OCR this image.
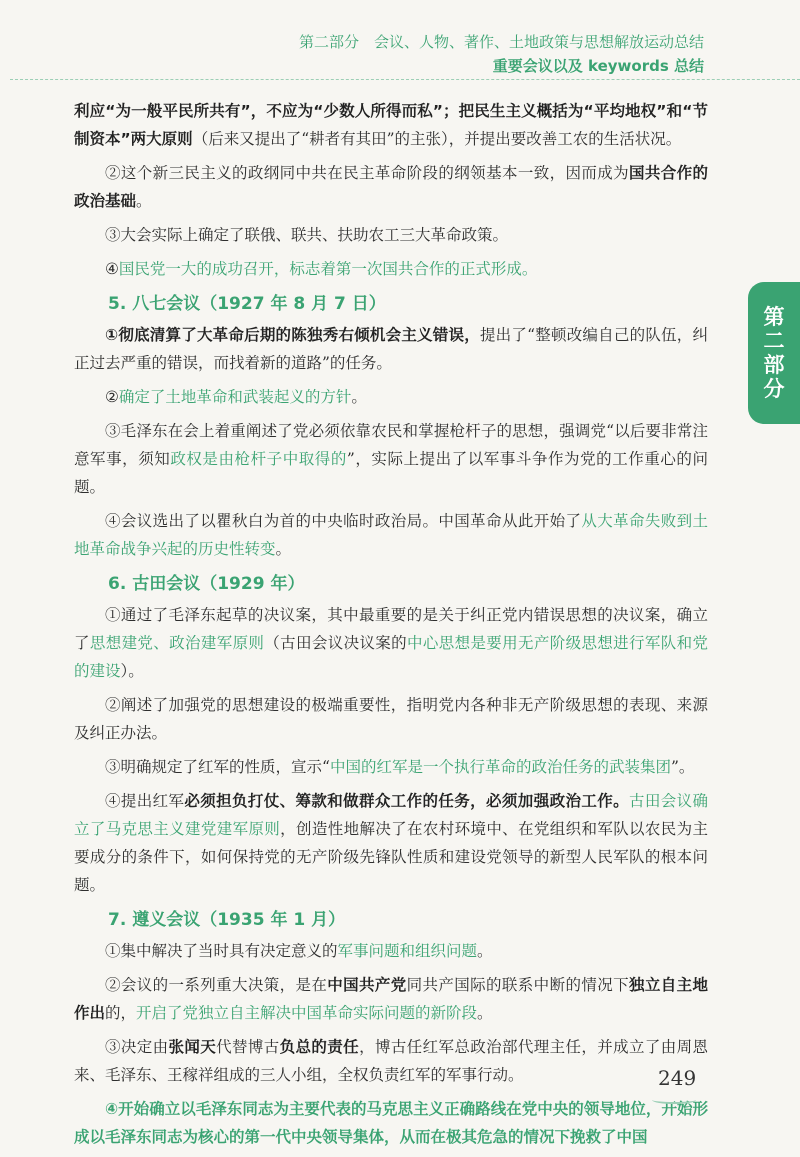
第二部分　会议、人物、著作、土地政策与思想解放运动总结
重要会议以及 keywords 总结
第
二
部
分

利应“为一般平民所共有”，不应为“少数人所得而私”；把民生主义概括为“平均地权”和“节制资本”两大原则（后来又提出了“耕者有其田”的主张），并提出要改善工农的生活状况。

②这个新三民主义的政纲同中共在民主革命阶段的纲领基本一致，因而成为国共合作的政治基础。

③大会实际上确定了联俄、联共、扶助农工三大革命政策。

④国民党一大的成功召开，标志着第一次国共合作的正式形成。

5. 八七会议（1927 年 8 月 7 日）

①彻底清算了大革命后期的陈独秀右倾机会主义错误，提出了“整顿改编自己的队伍，纠正过去严重的错误，而找着新的道路”的任务。

②确定了土地革命和武装起义的方针。

③毛泽东在会上着重阐述了党必须依靠农民和掌握枪杆子的思想，强调党“以后要非常注意军事，须知政权是由枪杆子中取得的”，实际上提出了以军事斗争作为党的工作重心的问题。

④会议选出了以瞿秋白为首的中央临时政治局。中国革命从此开始了从大革命失败到土地革命战争兴起的历史性转变。

6. 古田会议（1929 年）

①通过了毛泽东起草的决议案，其中最重要的是关于纠正党内错误思想的决议案，确立了思想建党、政治建军原则（古田会议决议案的中心思想是要用无产阶级思想进行军队和党的建设）。

②阐述了加强党的思想建设的极端重要性，指明党内各种非无产阶级思想的表现、来源及纠正办法。

③明确规定了红军的性质，宣示“中国的红军是一个执行革命的政治任务的武装集团”。

④提出红军必须担负打仗、筹款和做群众工作的任务，必须加强政治工作。古田会议确立了马克思主义建党建军原则，创造性地解决了在农村环境中、在党组织和军队以农民为主要成分的条件下，如何保持党的无产阶级先锋队性质和建设党领导的新型人民军队的根本问题。

7. 遵义会议（1935 年 1 月）

①集中解决了当时具有决定意义的军事问题和组织问题。

②会议的一系列重大决策，是在中国共产党同共产国际的联系中断的情况下独立自主地作出的，开启了党独立自主解决中国革命实际问题的新阶段。

③决定由张闻天代替博古负总的责任，博古任红军总政治部代理主任，并成立了由周恩来、毛泽东、王稼祥组成的三人小组，全权负责红军的军事行动。

④开始确立以毛泽东同志为主要代表的马克思主义正确路线在党中央的领导地位，开始形成以毛泽东同志为核心的第一代中央领导集体，从而在极其危急的情况下挽救了中国

249
